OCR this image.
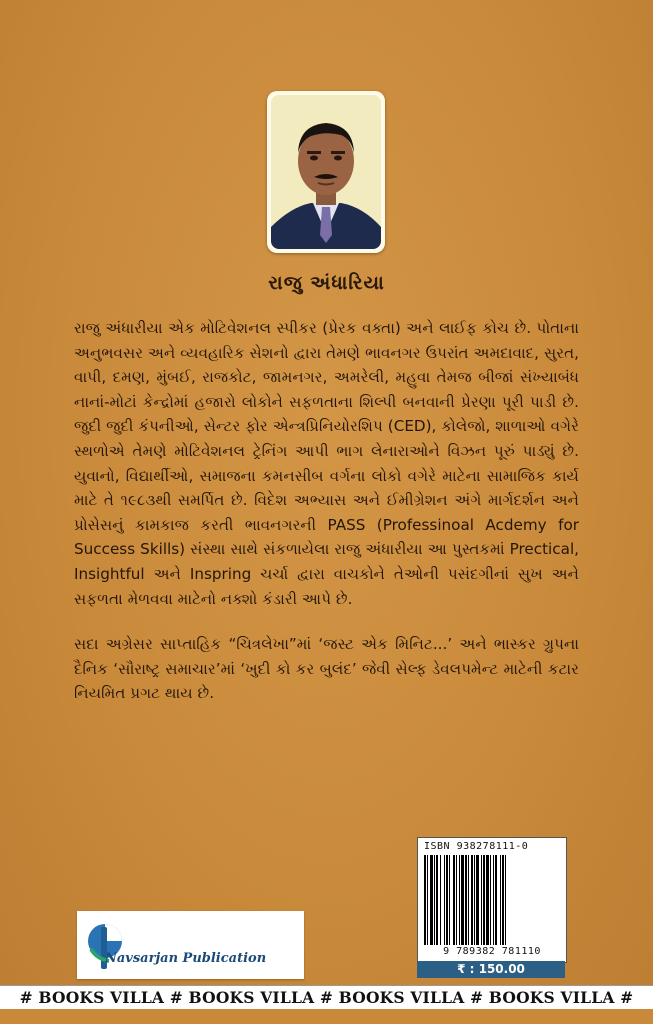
રાજુ અંધારિયા

રાજુ અંધારીયા એક મોટિવેશનલ સ્પીકર (પ્રેરક વક્તા) અને લાઈફ કોચ છે. પોતાના અનુભવસર અને વ્યવહારિક સેશનો દ્વારા તેમણે ભાવનગર ઉપરાંત અમદાવાદ, સુરત, વાપી, દમણ, મુંબઈ, રાજકોટ, જામનગર, અમરેલી, મહુવા તેમજ બીજાં સંખ્યાબંધ નાનાં-મોટાં કેન્દ્રોમાં હજારો લોકોને સફળતાના શિલ્પી બનવાની પ્રેરણા પૂરી પાડી છે. જુદી જુદી કંપનીઓ, સેન્ટર ફોર એન્ત્રપ્રિનિયોરશિપ (CED), કોલેજો, શાળાઓ વગેરે સ્થળોએ તેમણે મોટિવેશનલ ટ્રેનિંગ આપી ભાગ લેનારાઓને વિઝન પૂરું પાડ્યું છે. યુવાનો, વિદ્યાર્થીઓ, સમાજના કમનસીબ વર્ગના લોકો વગેરે માટેના સામાજિક કાર્ય માટે તે ૧૯૮૩થી સમર્પિત છે. વિદેશ અભ્યાસ અને ઈમીગ્રેશન અંગે માર્ગદર્શન અને પ્રોસેસનું કામકાજ કરતી ભાવનગરની PASS (Professinoal Acdemy for Success Skills) સંસ્થા સાથે સંકળાયેલા રાજુ અંધારીયા આ પુસ્તકમાં Prectical, Insightful અને Inspring ચર્ચા દ્વારા વાચકોને તેઓની પસંદગીનાં સુખ અને સફળતા મેળવવા માટેનો નક્શો કંડારી આપે છે.

સદા અગ્રેસર સાપ્તાહિક “ચિત્રલેખા”માં ‘જસ્ટ એક મિનિટ...’ અને ભાસ્કર ગ્રુપના દૈનિક ‘સૌરાષ્ટ્ર સમાચાર’માં ‘ખુદી કો કર બુલંદ’ જેવી સેલ્ફ ડેવલપમેન્ટ માટેની કટાર નિયમિત પ્રગટ થાય છે.

Navsarjan Publication
ISBN 938278111-0
9 789382 781110
₹ : 150.00
# BOOKS VILLA # BOOKS VILLA # BOOKS VILLA # BOOKS VILLA #
